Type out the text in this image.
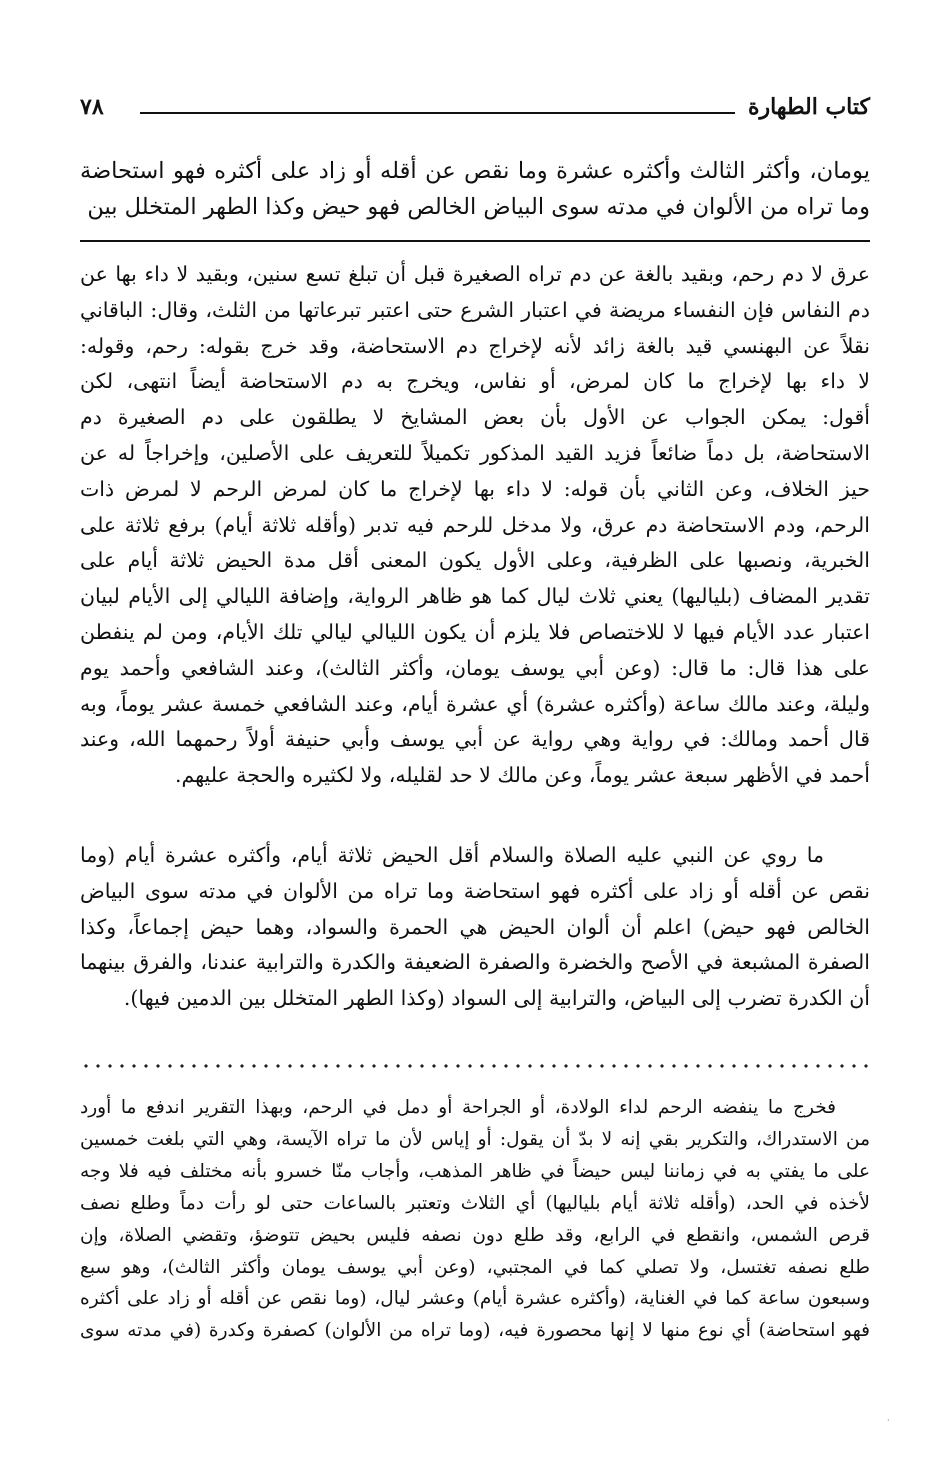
كتاب الطهارة
٧٨
يومان، وأكثر الثالث وأكثره عشرة وما نقص عن أقله أو زاد على أكثره فهو استحاضة
وما تراه من الألوان في مدته سوى البياض الخالص فهو حيض وكذا الطهر المتخلل بين
عرق لا دم رحم، وبقيد بالغة عن دم تراه الصغيرة قبل أن تبلغ تسع سنين، وبقيد لا داء بها عن
دم النفاس فإن النفساء مريضة في اعتبار الشرع حتى اعتبر تبرعاتها من الثلث، وقال: الباقاني
نقلاً عن البهنسي قيد بالغة زائد لأنه لإخراج دم الاستحاضة، وقد خرج بقوله: رحم، وقوله:
لا داء بها لإخراج ما كان لمرض، أو نفاس، ويخرج به دم الاستحاضة أيضاً انتهى، لكن
أقول: يمكن الجواب عن الأول بأن بعض المشايخ لا يطلقون على دم الصغيرة دم
الاستحاضة، بل دماً ضائعاً فزيد القيد المذكور تكميلاً للتعريف على الأصلين، وإخراجاً له عن
حيز الخلاف، وعن الثاني بأن قوله: لا داء بها لإخراج ما كان لمرض الرحم لا لمرض ذات
الرحم، ودم الاستحاضة دم عرق، ولا مدخل للرحم فيه تدبر (وأقله ثلاثة أيام) برفع ثلاثة على
الخبرية، ونصبها على الظرفية، وعلى الأول يكون المعنى أقل مدة الحيض ثلاثة أيام على
تقدير المضاف (بلياليها) يعني ثلاث ليال كما هو ظاهر الرواية، وإضافة الليالي إلى الأيام لبيان
اعتبار عدد الأيام فيها لا للاختصاص فلا يلزم أن يكون الليالي ليالي تلك الأيام، ومن لم ينفطن
على هذا قال: ما قال: (وعن أبي يوسف يومان، وأكثر الثالث)، وعند الشافعي وأحمد يوم
وليلة، وعند مالك ساعة (وأكثره عشرة) أي عشرة أيام، وعند الشافعي خمسة عشر يوماً، وبه
قال أحمد ومالك: في رواية وهي رواية عن أبي يوسف وأبي حنيفة أولاً رحمهما الله، وعند
أحمد في الأظهر سبعة عشر يوماً، وعن مالك لا حد لقليله، ولا لكثيره والحجة عليهم.
ما روي عن النبي عليه الصلاة والسلام أقل الحيض ثلاثة أيام، وأكثره عشرة أيام (وما
نقص عن أقله أو زاد على أكثره فهو استحاضة وما تراه من الألوان في مدته سوى البياض
الخالص فهو حيض) اعلم أن ألوان الحيض هي الحمرة والسواد، وهما حيض إجماعاً، وكذا
الصفرة المشبعة في الأصح والخضرة والصفرة الضعيفة والكدرة والترابية عندنا، والفرق بينهما
أن الكدرة تضرب إلى البياض، والترابية إلى السواد (وكذا الطهر المتخلل بين الدمين فيها).
فخرج ما ينفضه الرحم لداء الولادة، أو الجراحة أو دمل في الرحم، وبهذا التقرير اندفع ما أورد
من الاستدراك، والتكرير بقي إنه لا بدّ أن يقول: أو إياس لأن ما تراه الآيسة، وهي التي بلغت خمسين
على ما يفتي به في زماننا ليس حيضاً في ظاهر المذهب، وأجاب منّا خسرو بأنه مختلف فيه فلا وجه
لأخذه في الحد، (وأقله ثلاثة أيام بلياليها) أي الثلاث وتعتبر بالساعات حتى لو رأت دماً وطلع نصف
قرص الشمس، وانقطع في الرابع، وقد طلع دون نصفه فليس بحيض تتوضؤ، وتقضي الصلاة، وإن
طلع نصفه تغتسل، ولا تصلي كما في المجتبي، (وعن أبي يوسف يومان وأكثر الثالث)، وهو سبع
وسبعون ساعة كما في الغناية، (وأكثره عشرة أيام) وعشر ليال، (وما نقص عن أقله أو زاد على أكثره
فهو استحاضة) أي نوع منها لا إنها محصورة فيه، (وما تراه من الألوان) كصفرة وكدرة (في مدته سوى
·
